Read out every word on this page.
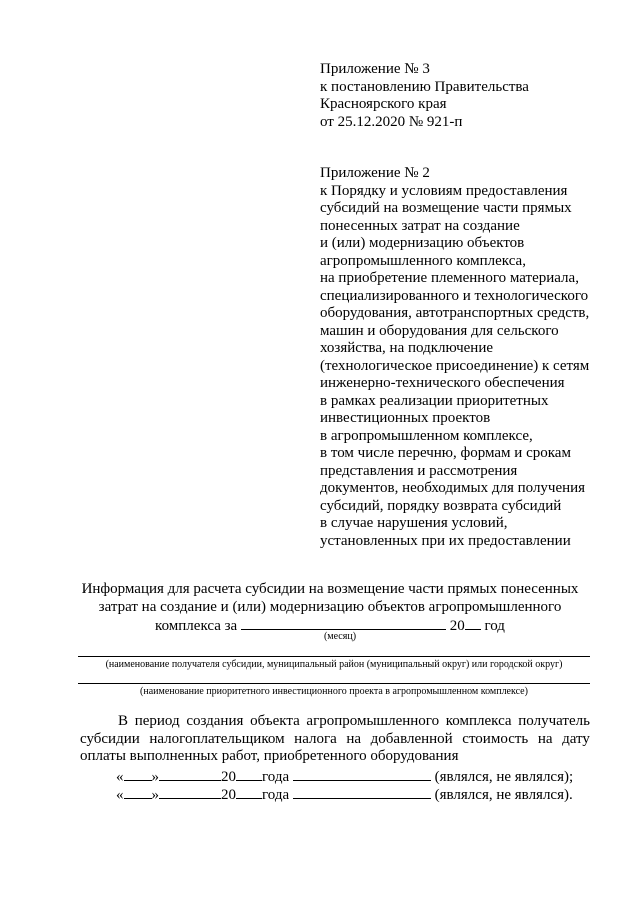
Приложение № 3
к постановлению Правительства
Красноярского края
от 25.12.2020 № 921-п
Приложение № 2
к Порядку и условиям предоставления
субсидий на возмещение части прямых
понесенных затрат на создание
и (или) модернизацию объектов
агропромышленного комплекса,
на приобретение племенного материала,
специализированного и технологического
оборудования, автотранспортных средств,
машин и оборудования для сельского
хозяйства, на подключение
(технологическое присоединение) к сетям
инженерно-технического обеспечения
в рамках реализации приоритетных
инвестиционных проектов
в агропромышленном комплексе,
в том числе перечню, формам и срокам
представления и рассмотрения
документов, необходимых для получения
субсидий, порядку возврата субсидий
в случае нарушения условий,
установленных при их предоставлении
Информация для расчета субсидии на возмещение части прямых понесенных
затрат на создание и (или) модернизацию объектов агропромышленного
комплекса за	20 год
(месяц)
(наименование получателя субсидии, муниципальный район (муниципальный округ) или городской округ)
(наименование приоритетного инвестиционного проекта в агропромышленном комплексе)
В период создания объекта агропромышленного комплекса получатель
субсидии налогоплательщиком налога на добавленной стоимость на дату
оплаты выполненных работ, приобретенного оборудования
« »	20 года	(являлся, не являлся);
« »	20 года	(являлся, не являлся).
